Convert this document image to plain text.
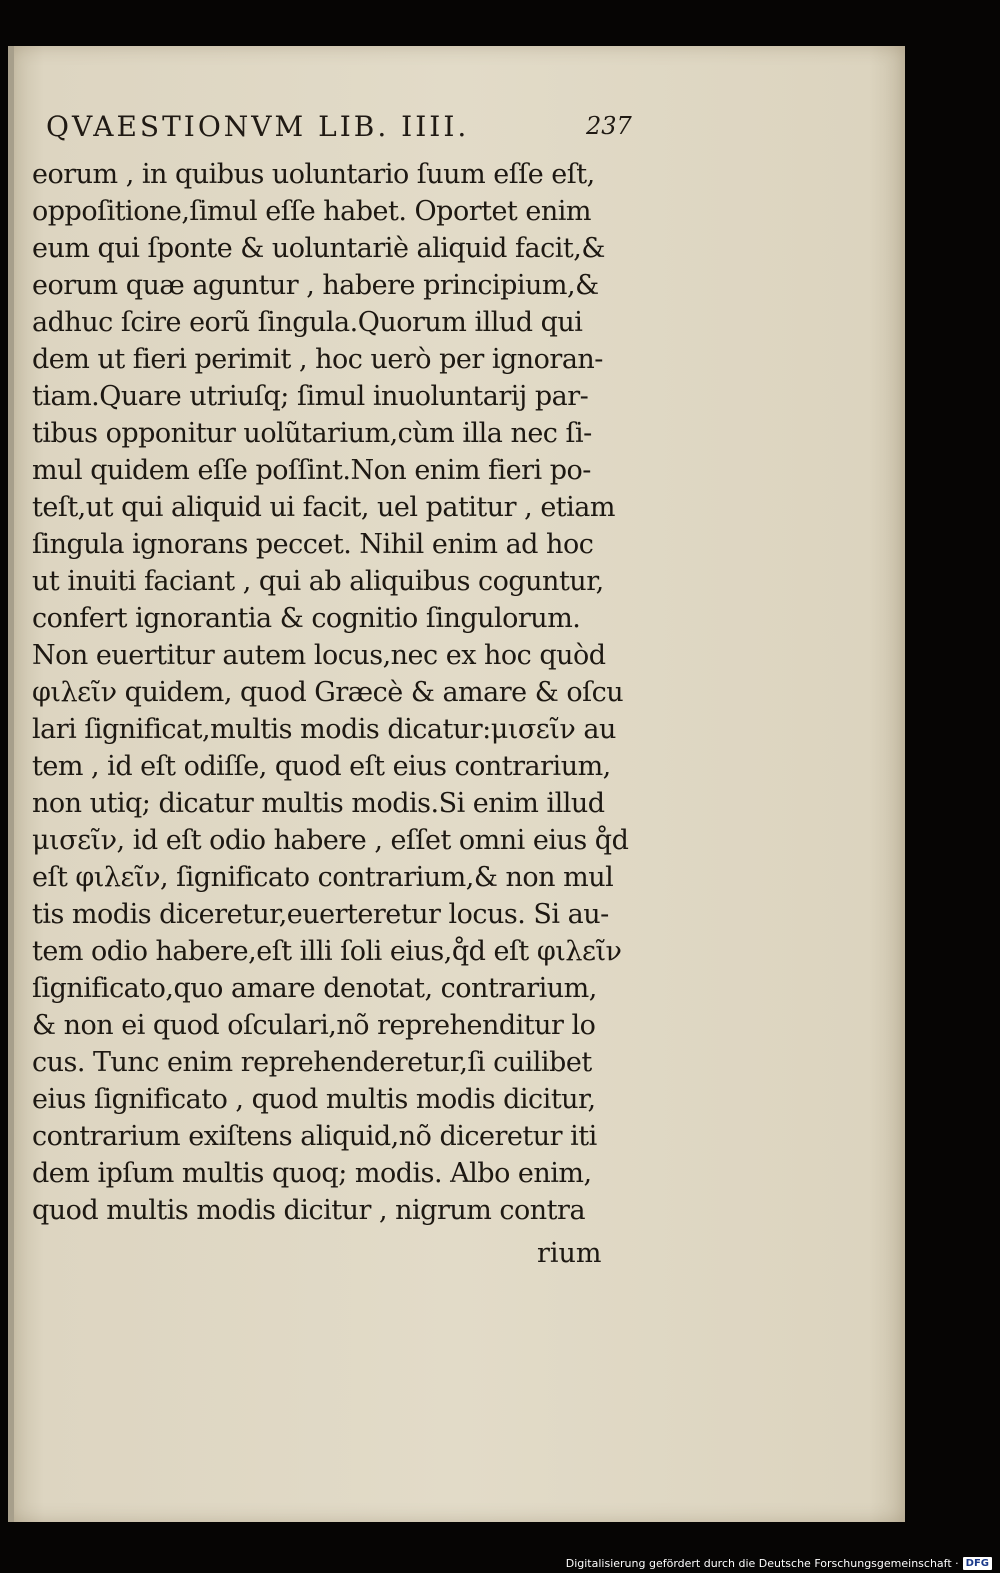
QVAESTIONVM LIB. IIII.	237
eorum , in quibus uoluntario ſuum eſſe eſt,
oppoſitione,ſimul eſſe habet. Oportet enim
eum qui ſponte & uoluntariè aliquid facit,&
eorum quæ aguntur , habere principium,&
adhuc ſcire eorũ ſingula.Quorum illud qui
dem ut fieri perimit , hoc uerò per ignoran-
tiam.Quare utriuſq; ſimul inuoluntarij par-
tibus opponitur uolũtarium,cùm illa nec ſi-
mul quidem eſſe poſſint.Non enim fieri po-
teſt,ut qui aliquid ui facit, uel patitur , etiam
ſingula ignorans peccet. Nihil enim ad hoc
ut inuiti faciant , qui ab aliquibus coguntur,
confert ignorantia & cognitio ſingulorum.
Non euertitur autem locus,nec ex hoc quòd
φιλεῖν quidem, quod Græcè & amare & oſcu
lari ſignificat,multis modis dicatur:μισεῖν au
tem , id eſt odiſſe, quod eſt eius contrarium,
non utiq; dicatur multis modis.Si enim illud
μισεῖν, id eſt odio habere , eſſet omni eius q̊d
eſt φιλεῖν, ſignificato contrarium,& non mul
tis modis diceretur,euerteretur locus. Si au-
tem odio habere,eſt illi ſoli eius,q̊d eſt φιλεῖν
ſignificato,quo amare denotat, contrarium,
& non ei quod oſculari,nõ reprehenditur lo
cus. Tunc enim reprehenderetur,ſi cuilibet
eius ſignificato , quod multis modis dicitur,
contrarium exiſtens aliquid,nõ diceretur iti
dem ipſum multis quoq; modis. Albo enim,
quod multis modis dicitur , nigrum contra
rium
Digitalisierung gefördert durch die Deutsche Forschungsgemeinschaft · DFG
